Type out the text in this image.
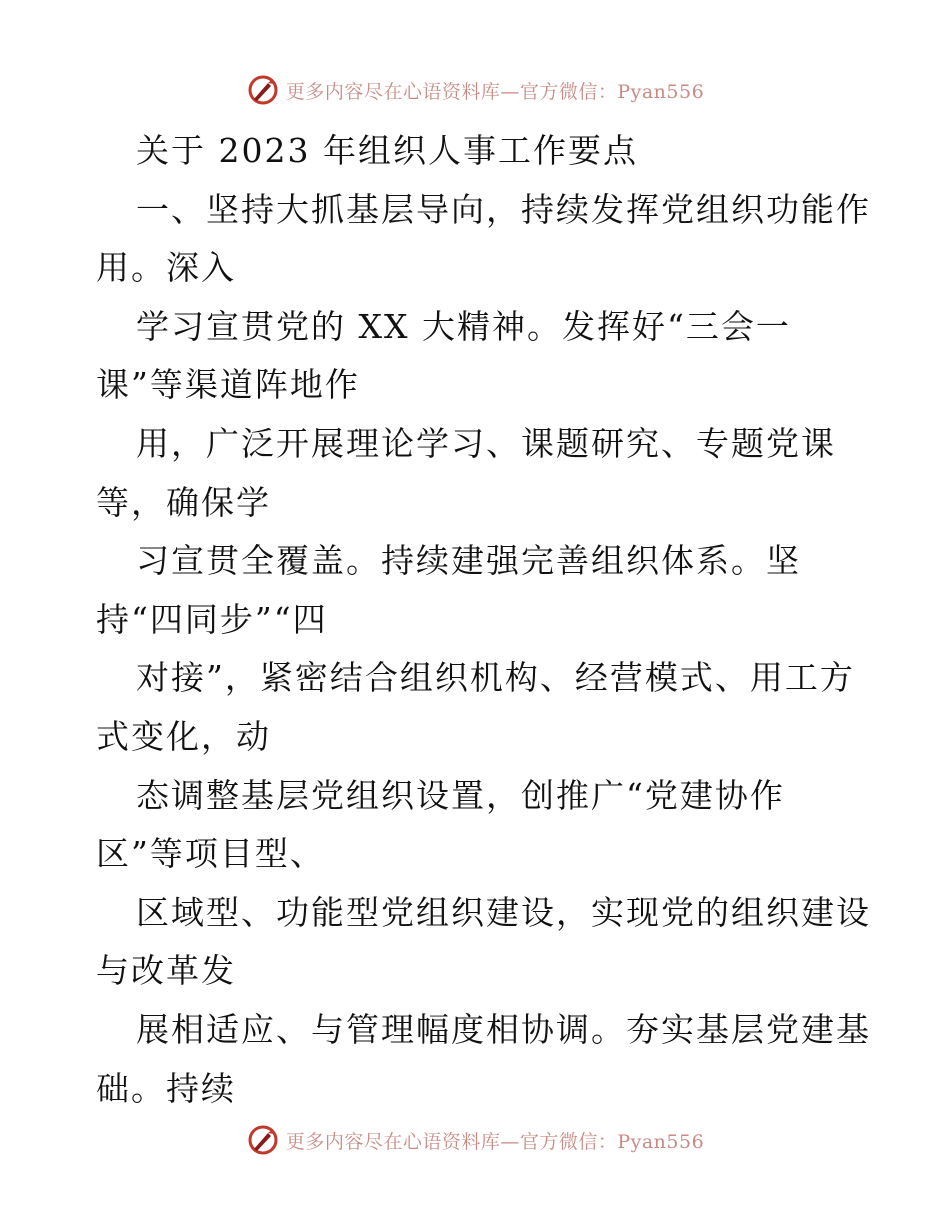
更多内容尽在心语资料库—官方微信：Pyan556
关于 2023 年组织人事工作要点
一、坚持大抓基层导向，持续发挥党组织功能作
用。深入
学习宣贯党的 XX 大精神。发挥好“三会一
课”等渠道阵地作
用，广泛开展理论学习、课题研究、专题党课
等，确保学
习宣贯全覆盖。持续建强完善组织体系。坚
持“四同步”“四
对接”，紧密结合组织机构、经营模式、用工方
式变化，动
态调整基层党组织设置，创推广“党建协作
区”等项目型、
区域型、功能型党组织建设，实现党的组织建设
与改革发
展相适应、与管理幅度相协调。夯实基层党建基
础。持续
更多内容尽在心语资料库—官方微信：Pyan556
